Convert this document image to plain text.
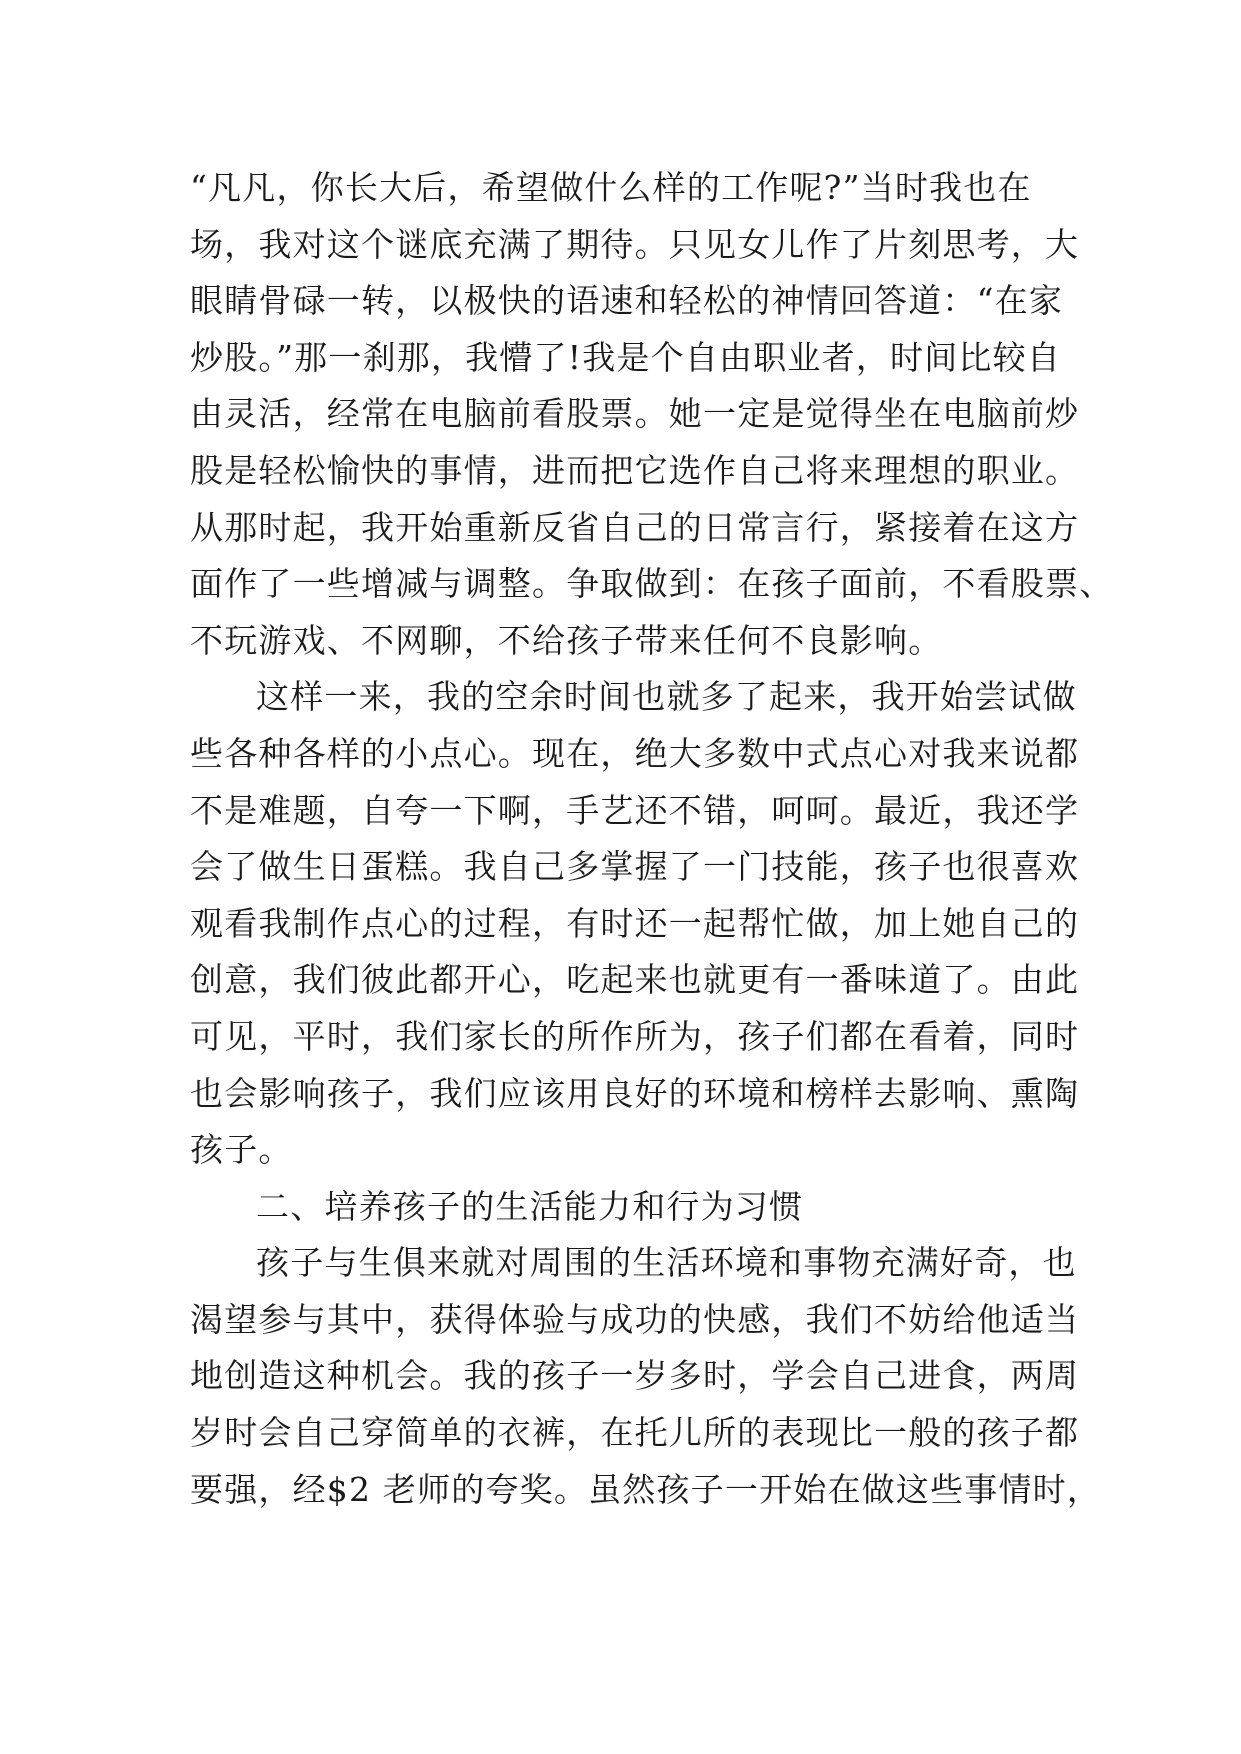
“凡凡，你长大后，希望做什么样的工作呢?”当时我也在
场，我对这个谜底充满了期待。只见女儿作了片刻思考，大
眼睛骨碌一转，以极快的语速和轻松的神情回答道：“在家
炒股。”那一刹那，我懵了!我是个自由职业者，时间比较自
由灵活，经常在电脑前看股票。她一定是觉得坐在电脑前炒
股是轻松愉快的事情，进而把它选作自己将来理想的职业。
从那时起，我开始重新反省自己的日常言行，紧接着在这方
面作了一些增减与调整。争取做到：在孩子面前，不看股票、
不玩游戏、不网聊，不给孩子带来任何不良影响。
这样一来，我的空余时间也就多了起来，我开始尝试做
些各种各样的小点心。现在，绝大多数中式点心对我来说都
不是难题，自夸一下啊，手艺还不错，呵呵。最近，我还学
会了做生日蛋糕。我自己多掌握了一门技能，孩子也很喜欢
观看我制作点心的过程，有时还一起帮忙做，加上她自己的
创意，我们彼此都开心，吃起来也就更有一番味道了。由此
可见，平时，我们家长的所作所为，孩子们都在看着，同时
也会影响孩子，我们应该用良好的环境和榜样去影响、熏陶
孩子。
二、培养孩子的生活能力和行为习惯
孩子与生俱来就对周围的生活环境和事物充满好奇，也
渴望参与其中，获得体验与成功的快感，我们不妨给他适当
地创造这种机会。我的孩子一岁多时，学会自己进食，两周
岁时会自己穿简单的衣裤，在托儿所的表现比一般的孩子都
要强，经$2 老师的夸奖。虽然孩子一开始在做这些事情时，
